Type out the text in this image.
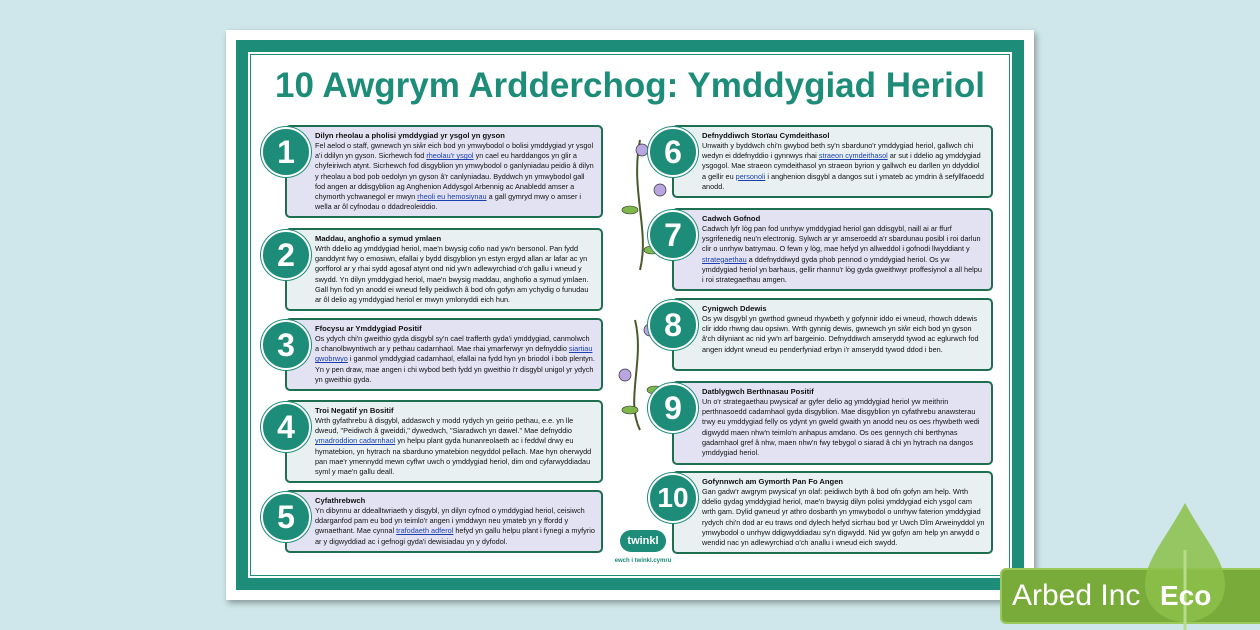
10 Awgrym Ardderchog: Ymddygiad Heriol
Dilyn rheolau a pholisi ymddygiad yr ysgol yn gyson
Fel aelod o staff, gwnewch yn siŵr eich bod yn ymwybodol o bolisi ymddygiad yr ysgol a'i ddilyn yn gyson. Sicrhewch fod rheolau'r ysgol yn cael eu harddangos yn glir a chyfeiriwch atynt. Sicrhewch fod disgyblion yn ymwybodol o ganlyniadau peidio â dilyn y rheolau a bod pob oedolyn yn gyson â'r canlyniadau. Byddwch yn ymwybodol gall fod angen ar ddisgyblion ag Anghenion Addysgol Arbennig ac Anabledd amser a chymorth ychwanegol er mwyn rheoli eu hemosiynau a gall gymryd mwy o amser i wella ar ôl cyfnodau o ddadreoleiddio.
1
Maddau, anghofio a symud ymlaen
Wrth ddelio ag ymddygiad heriol, mae'n bwysig cofio nad yw'n bersonol. Pan fydd ganddynt fwy o emosiwn, efallai y bydd disgyblion yn estyn ergyd allan ar lafar ac yn gorfforol ar y rhai sydd agosaf atynt ond nid yw'n adlewyrchiad o'ch gallu i wneud y swydd. Yn dilyn ymddygiad heriol, mae'n bwysig maddau, anghofio a symud ymlaen. Gall hyn fod yn anodd ei wneud felly peidiwch â bod ofn gofyn am ychydig o funudau ar ôl delio ag ymddygiad heriol er mwyn ymlonyddi eich hun.
2
Ffocysu ar Ymddygiad Positif
Os ydych chi'n gweithio gyda disgybl sy'n cael trafferth gyda'i ymddygiad, canmolwch a chanolbwyntiwch ar y pethau cadarnhaol. Mae rhai ymarferwyr yn defnyddio siartiau gwobrwyo i ganmol ymddygiad cadarnhaol, efallai na fydd hyn yn briodol i bob plentyn. Yn y pen draw, mae angen i chi wybod beth fydd yn gweithio i'r disgybl unigol yr ydych yn gweithio gyda.
3
Troi Negatif yn Bositif
Wrth gyfathrebu â disgybl, addaswch y modd rydych yn geirio pethau, e.e. yn lle dweud, "Peidiwch â gweiddi," dywedwch, "Siaradwch yn dawel." Mae defnyddio ymadroddion cadarnhaol yn helpu plant gyda hunanreolaeth ac i feddwl drwy eu hymatebion, yn hytrach na sbarduno ymatebion negyddol pellach. Mae hyn oherwydd pan mae'r ymennydd mewn cyflwr uwch o ymddygiad heriol, dim ond cyfarwyddiadau syml y mae'n gallu deall.
4
Cyfathrebwch
Yn dibynnu ar ddealltwriaeth y disgybl, yn dilyn cyfnod o ymddygiad heriol, ceisiwch ddarganfod pam eu bod yn teimlo'r angen i ymddwyn neu ymateb yn y ffordd y gwnaethant. Mae cynnal trafodaeth adferol hefyd yn gallu helpu plant i fynegi a myfyrio ar y digwyddiad ac i gefnogi gyda'i dewisiadau yn y dyfodol.
5
Defnyddiwch Storïau Cymdeithasol
Unwaith y byddwch chi'n gwybod beth sy'n sbarduno'r ymddygiad heriol, gallwch chi wedyn ei ddefnyddio i gynnwys rhai straeon cymdeithasol ar sut i ddelio ag ymddygiad ysgogol. Mae straeon cymdeithasol yn straeon byrion y gallwch eu darllen yn ddyddiol a gellir eu personoli i anghenion disgybl a dangos sut i ymateb ac ymdrin â sefyllfaoedd anodd.
6
Cadwch Gofnod
Cadwch lyfr lòg pan fod unrhyw ymddygiad heriol gan ddisgybl, naill ai ar ffurf ysgrifenedig neu'n electronig. Sylwch ar yr amseroedd a'r sbardunau posibl i roi darlun clir o unrhyw batrymau. O fewn y lòg, mae hefyd yn allweddol i gofnodi llwyddiant y strategaethau a ddefnyddiwyd gyda phob pennod o ymddygiad heriol. Os yw ymddygiad heriol yn barhaus, gellir rhannu'r lòg gyda gweithwyr proffesiynol a all helpu i roi strategaethau amgen.
7
Cynigwch Ddewis
Os yw disgybl yn gwrthod gwneud rhywbeth y gofynnir iddo ei wneud, rhowch ddewis clir iddo rhwng dau opsiwn. Wrth gynnig dewis, gwnewch yn siŵr eich bod yn gyson â'ch dilyniant ac nid yw'n arf bargeinio. Defnyddiwch amserydd tywod ac eglurwch fod angen iddynt wneud eu penderfyniad erbyn i'r amserydd tywod ddod i ben.
8
Datblygwch Berthnasau Positif
Un o'r strategaethau pwysicaf ar gyfer delio ag ymddygiad heriol yw meithrin perthnasoedd cadarnhaol gyda disgyblion. Mae disgyblion yn cyfathrebu anawsterau trwy eu ymddygiad felly os ydynt yn gweld gwaith yn anodd neu os oes rhywbeth wedi digwydd maen nhw'n teimlo'n anhapus amdano. Os oes gennych chi berthynas gadarnhaol gref â nhw, maen nhw'n fwy tebygol o siarad â chi yn hytrach na dangos ymddygiad heriol.
9
Gofynnwch am Gymorth Pan Fo Angen
Gan gadw'r awgrym pwysicaf yn olaf: peidiwch byth â bod ofn gofyn am help. Wrth ddelio gydag ymddygiad heriol, mae'n bwysig dilyn polisi ymddygiad eich ysgol cam wrth gam. Dylid gwneud yr athro dosbarth yn ymwybodol o unrhyw faterion ymddygiad rydych chi'n dod ar eu traws ond dylech hefyd sicrhau bod yr Uwch Dîm Arweinyddol yn ymwybodol o unrhyw ddigwyddiadau sy'n digwydd. Nid yw gofyn am help yn arwydd o wendid nac yn adlewyrchiad o'ch anallu i wneud eich swydd.
10
twinkl
ewch i twinkl.cymru
Arbed Inc Eco
